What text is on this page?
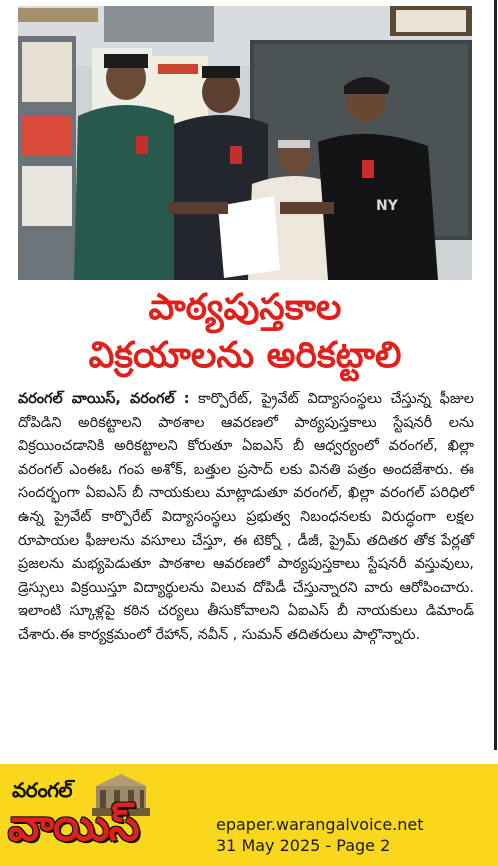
NY
పాఠ్యపుస్తకాల
విక్రయాలను అరికట్టాలి
వరంగల్ వాయిస్, వరంగల్ : కార్పొరేట్, ప్రైవేట్ విద్యాసంస్థలు చేస్తున్న ఫీజుల దోపిడిని అరికట్టాలని పాఠశాల ఆవరణలో పాఠ్యపుస్తకాలు స్టేషనరీ లను విక్రయించడానికి అరికట్టాలని కోరుతూ ఏఐఎస్ బీ ఆధ్వర్యంలో వరంగల్, ఖిల్లా వరంగల్ ఎంఈఓ గంప అశోక్, బత్తుల ప్రసాద్ లకు వినతి పత్రం అందజేశారు. ఈ సందర్భంగా ఏఐఎస్ బీ నాయకులు మాట్లాడుతూ వరంగల్, ఖిల్లా వరంగల్ పరిధిలో ఉన్న ప్రైవేట్ కార్పొరేట్ విద్యాసంస్థలు ప్రభుత్వ నిబంధనలకు విరుద్ధంగా లక్షల రూపాయల ఫీజులను వసూలు చేస్తూ, ఈ టెక్నో , డీజీ, ప్రైమ్ తదితర తోక పేర్లతో ప్రజలను మభ్యపెడుతూ పాఠశాల ఆవరణలో పాఠ్యపుస్తకాలు స్టేషనరీ వస్తువులు, డ్రెస్సులు విక్రయిస్తూ విద్యార్థులను విలువ దోపిడీ చేస్తున్నారని వారు ఆరోపించారు. ఇలాంటి స్కూళ్లపై కఠిన చర్యలు తీసుకోవాలని ఏఐఎస్ బీ నాయకులు డిమాండ్ చేశారు.ఈ కార్యక్రమంలో రేహాన్, నవీన్ , సుమన్ తదితరులు పాల్గొన్నారు.
వరంగల్
వాయిస్	epaper.warangalvoice.net
31 May 2025 - Page 2
